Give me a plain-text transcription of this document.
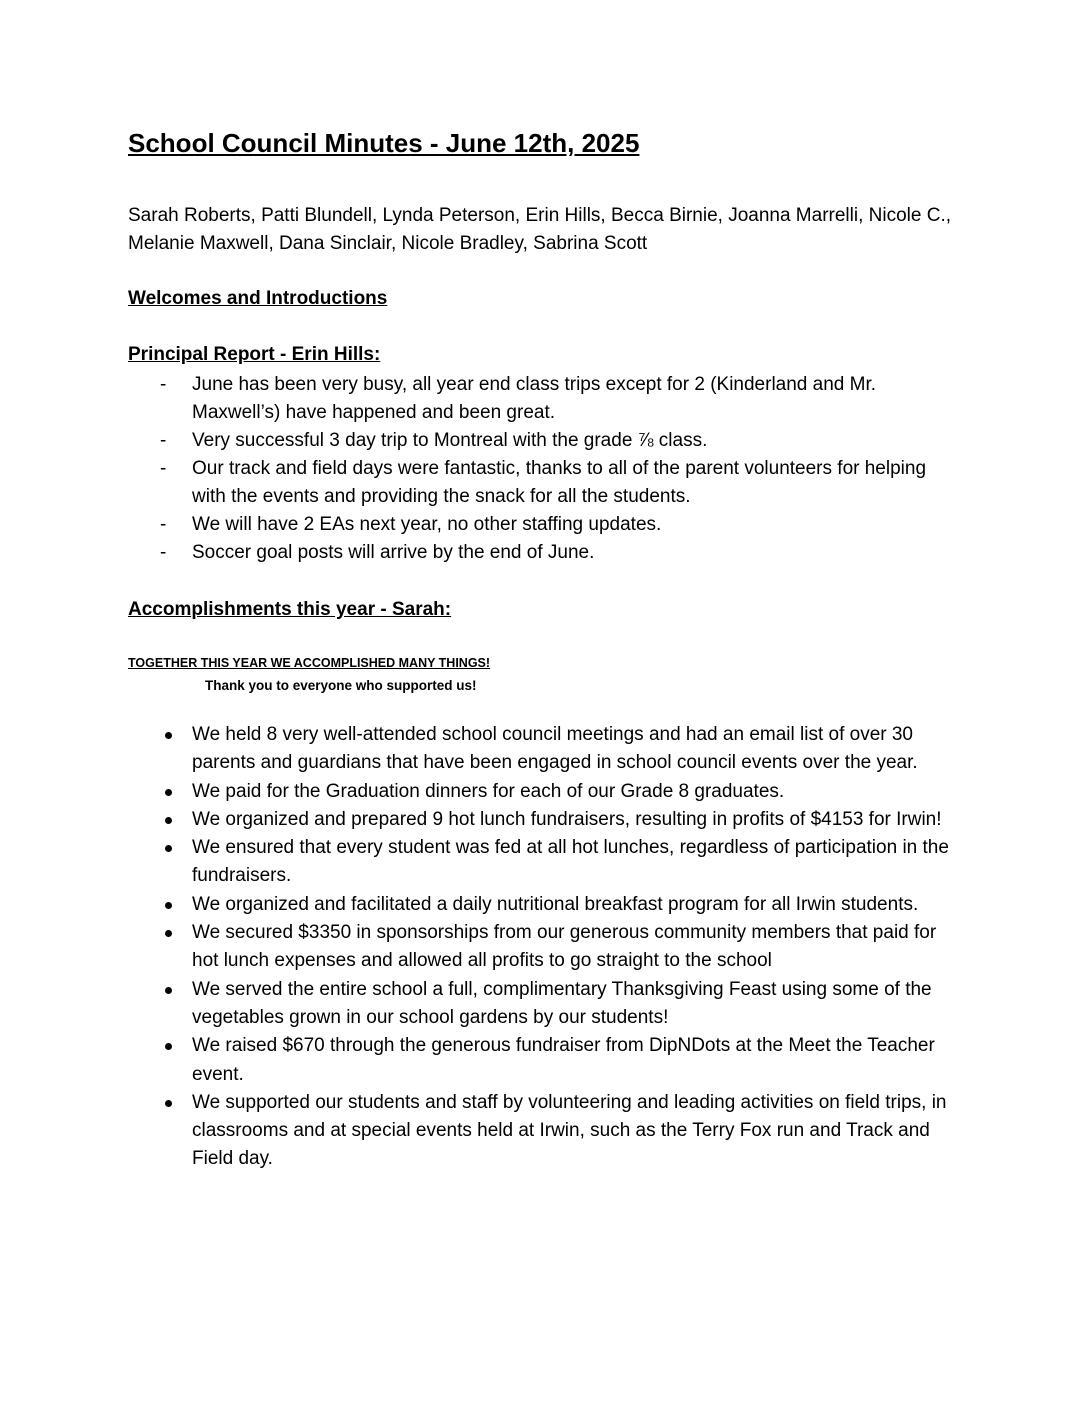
School Council Minutes - June 12th, 2025

Sarah Roberts, Patti Blundell, Lynda Peterson, Erin Hills, Becca Birnie, Joanna Marrelli, Nicole C., Melanie Maxwell, Dana Sinclair, Nicole Bradley, Sabrina Scott

Welcomes and Introductions
Principal Report - Erin Hills:
- June has been very busy, all year end class trips except for 2 (Kinderland and Mr. Maxwell’s) have happened and been great.
- Very successful 3 day trip to Montreal with the grade ⅞ class.
- Our track and field days were fantastic, thanks to all of the parent volunteers for helping with the events and providing the snack for all the students.
- We will have 2 EAs next year, no other staffing updates.
- Soccer goal posts will arrive by the end of June.
Accomplishments this year - Sarah:
TOGETHER THIS YEAR WE ACCOMPLISHED MANY THINGS!
Thank you to everyone who supported us!
We held 8 very well-attended school council meetings and had an email list of over 30 parents and guardians that have been engaged in school council events over the year.
We paid for the Graduation dinners for each of our Grade 8 graduates.
We organized and prepared 9 hot lunch fundraisers, resulting in profits of $4153 for Irwin!
We ensured that every student was fed at all hot lunches, regardless of participation in the fundraisers.
We organized and facilitated a daily nutritional breakfast program for all Irwin students.
We secured $3350 in sponsorships from our generous community members that paid for hot lunch expenses and allowed all profits to go straight to the school
We served the entire school a full, complimentary Thanksgiving Feast using some of the vegetables grown in our school gardens by our students!
We raised $670 through the generous fundraiser from DipNDots at the Meet the Teacher event.
We supported our students and staff by volunteering and leading activities on field trips, in classrooms and at special events held at Irwin, such as the Terry Fox run and Track and Field day.
